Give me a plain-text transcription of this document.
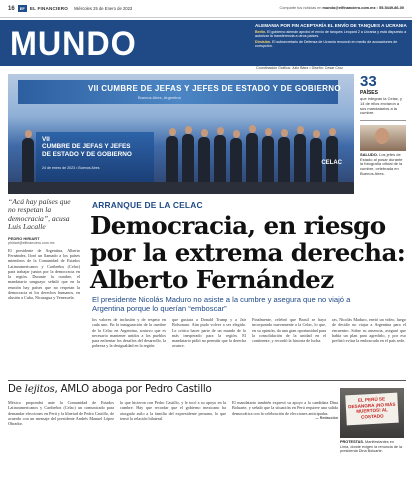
16	EF	EL FINANCIERO Miércoles 25 de Enero de 2023	Comparte tus noticias en mundo@elfinanciero.com.mx • 55-5449-86-00
MUNDO	ALEMANIA POR FIN ACEPTARÍA EL ENVÍO DE TANQUES A UCRANIA
Berlín. El gobierno alemán aprobó el envío de tanques Leopard 2 a Ucrania y está dispuesto a autorizar la transferencia a otros países.
Dimisión. El subsecretario de Defensa de Ucrania renunció en medio de acusaciones de corrupción.
Coordinación Gráfica: Julio Báez • Diseño: Cesar Cruz
VII CUMBRE DE JEFAS Y JEFES DE ESTADO Y DE GOBIERNO
Buenos Aires, Argentina
VII
CUMBRE DE JEFAS Y JEFES
DE ESTADO Y DE GOBIERNO
24 de enero de 2023 • Buenos Aires
CELAC
33
PAÍSES
que integran la Celac, y 14 de ellos enviaron a sus mandatarios a la cumbre.
SALUDO. Los jefes de Estado al posar durante la fotografía oficial de la cumbre, celebrada en Buenos Aires.
“Acá hay países que no respetan la democracia”, acusa Luis Lacalle
PEDRO HIRIART
phiriart@elfinanciero.com.mx
El presidente de Argentina, Alberto Fernández, lloró un llamado a los países miembros de la Comunidad de Estados Latinoamericanos y Caribeños (Celac) para trabajar juntos por la democracia en la región. Durante la cumbre, el mandatario uruguayo señaló que en la reunión hay países que no respetan la democracia ni los derechos humanos, en alusión a Cuba, Nicaragua y Venezuela.
ARRANQUE DE LA CELAC
Democracia, en riesgo por la extrema derecha: Alberto Fernández
El presidente Nicolás Maduro no asiste a la cumbre y asegura que no viajó a Argentina porque lo querían “emboscar”
los valores de inclusión y de respeto en cada uno. En la inauguración de la cumbre de la Celac en Argentina, sostuvo que es necesario mantener unidos a los pueblos para enfrentar los desafíos del desarrollo, la pobreza y la desigualdad en la región.
que gustara a Donald Trump y a Jair Bolsonaro. Aún pudo volver a ser elegido. Le critica hacer parte de un mundo de lo más inesperado para la región. El mandatario pidió no permitir que la derecha avance.
Finalmente, celebró que Brasil se haya incorporado nuevamente a la Celac, lo que, en su opinión, da una gran oportunidad para la consolidación de la unidad en el continente, y recordó la historia de lucha.
ras, Nicolás Maduro, envió un video, luego de decidir no viajar a Argentina para el encuentro. Sobre su ausencia, aseguró que había un plan para agredirlo, y por eso prefirió evitar la emboscada en el país sede.
De lejitos, AMLO aboga por Pedro Castillo
México propondrá ante la Comunidad de Estados Latinoamericanos y Caribeños (Celac) un comunicado para demandar elecciones en Perú y la libertad de Pedro Castillo, de acuerdo con un mensaje del presidente Andrés Manuel López Obrador.
lo que hicieron con Pedro Castillo, y le tocó a su apoyo en la cumbre. Hay que recordar que el gobierno mexicano ha otorgado asilo a la familia del expresidente peruano, lo que tensó la relación bilateral.
El mandatario también expresó su apoyo a la candidata Dina Boluarte, y señaló que la situación en Perú requiere una salida democrática con la celebración de elecciones anticipadas.
— Redacción
EL PERÚ SE DESANGRA ¡NO MÁS MUERTOS! AL COSTADO
PROTESTAS. Manifestantes en Lima, donde exigen la renuncia de la presidenta Dina Boluarte.
